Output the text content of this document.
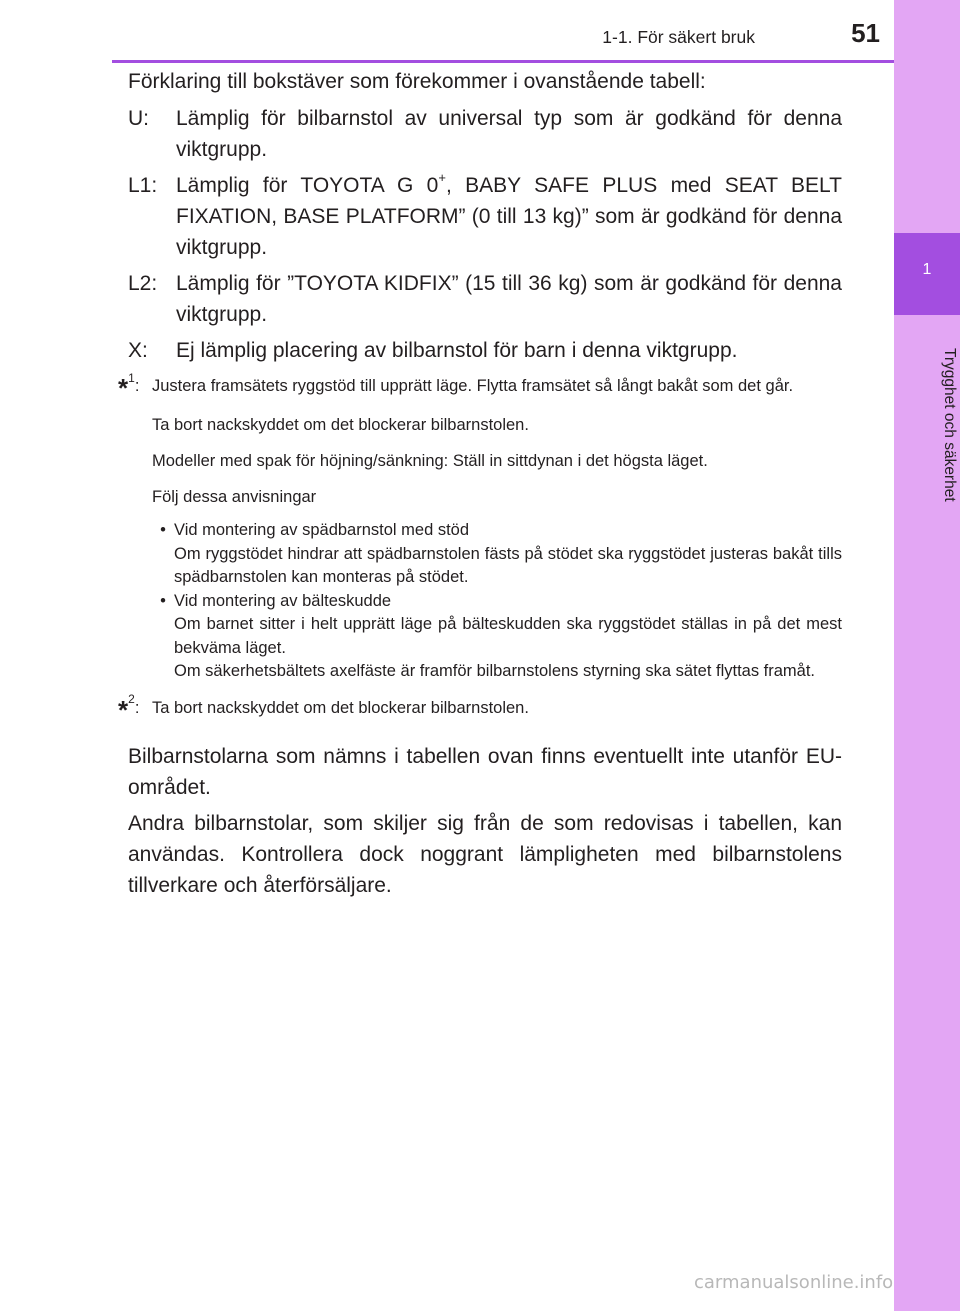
1
Trygghet och säkerhet
1-1. För säkert bruk	51

Förklaring till bokstäver som förekommer i ovanstående tabell:

U:	Lämplig för bilbarnstol av universal typ som är godkänd för denna viktgrupp.
L1: Lämplig för TOYOTA G 0+, BABY SAFE PLUS med SEAT BELT FIXATION, BASE PLATFORM” (0 till 13 kg)” som är godkänd för denna viktgrupp.
L2: Lämplig för ”TOYOTA KIDFIX” (15 till 36 kg) som är godkänd för denna viktgrupp.
X:	Ej lämplig placering av bilbarnstol för barn i denna viktgrupp.
*$^1$: Justera framsätets ryggstöd till upprätt läge. Flytta framsätet så långt bakåt som det går.

Ta bort nackskyddet om det blockerar bilbarnstolen.

Modeller med spak för höjning/sänkning: Ställ in sittdynan i det högsta läget.

Följ dessa anvisningar

• Vid montering av spädbarnstol med stöd
Om ryggstödet hindrar att spädbarnstolen fästs på stödet ska ryggstödet justeras bakåt tills spädbarnstolen kan monteras på stödet.
• Vid montering av bälteskudde
Om barnet sitter i helt upprätt läge på bälteskudden ska ryggstödet ställas in på det mest bekväma läget.
Om säkerhetsbältets axelfäste är framför bilbarnstolens styrning ska sätet flyttas framåt.
*$^2$: Ta bort nackskyddet om det blockerar bilbarnstolen.

Bilbarnstolarna som nämns i tabellen ovan finns eventuellt inte utanför EU-området.

Andra bilbarnstolar, som skiljer sig från de som redovisas i tabellen, kan användas. Kontrollera dock noggrant lämpligheten med bilbarnstolens tillverkare och återförsäljare.

carmanualsonline.info
